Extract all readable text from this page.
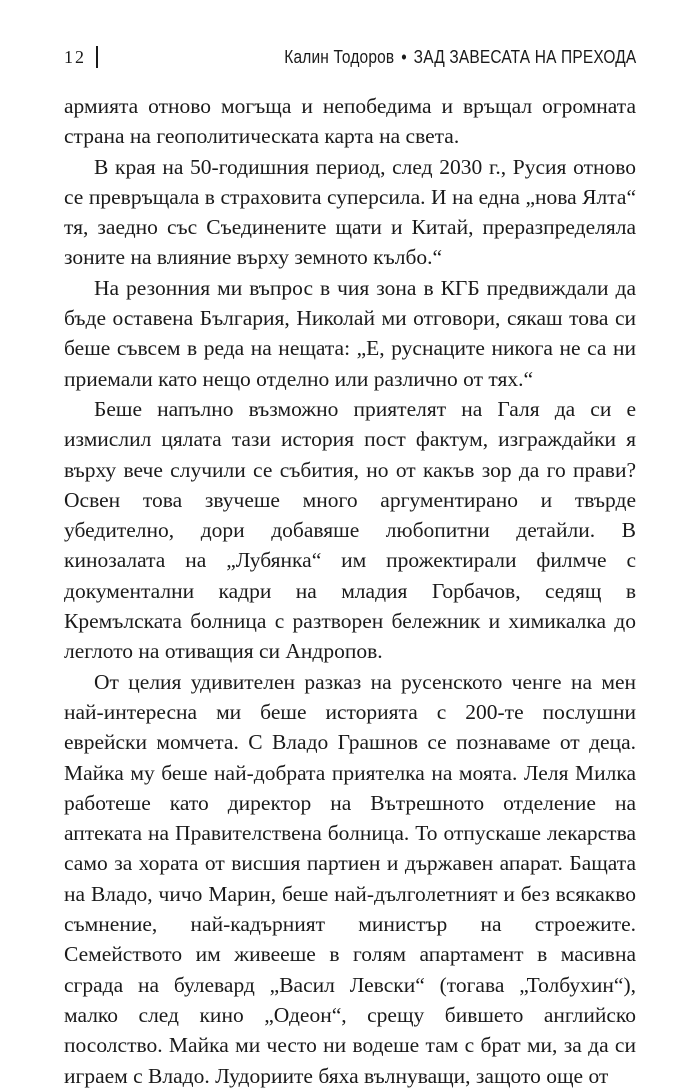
12	Калин Тодоров • ЗАД ЗАВЕСАТА НА ПРЕХОДА

армията отново могъща и непобедима и връщал огромната страна на геополитическата карта на света.

В края на 50-годишния период, след 2030 г., Русия отново се превръщала в страховита суперсила. И на една „нова Ялта“ тя, заедно със Съединените щати и Китай, преразпределяла зоните на влияние върху земното кълбо.“

На резонния ми въпрос в чия зона в КГБ предвиждали да бъде оставена България, Николай ми отговори, сякаш това си беше съвсем в реда на нещата: „Е, руснаците никога не са ни приемали като нещо отделно или различно от тях.“

Беше напълно възможно приятелят на Галя да си е измислил цялата тази история пост фактум, изграждайки я върху вече случили се събития, но от какъв зор да го прави? Освен това звучеше много аргументирано и твърде убедително, дори добавяше любопитни детайли. В кинозалата на „Лубянка“ им прожектирали филмче с документални кадри на младия Горбачов, седящ в Кремълската болница с разтворен бележник и химикалка до леглото на отиващия си Андропов.

От целия удивителен разказ на русенското ченге на мен най-интересна ми беше историята с 200-те послушни еврейски момчета. С Владо Грашнов се познаваме от деца. Майка му беше най-добрата приятелка на моята. Леля Милка работеше като директор на Вътрешното отделение на аптеката на Правителствена болница. То отпускаше лекарства само за хората от висшия партиен и държавен апарат. Бащата на Владо, чичо Марин, беше най-дълголетният и без всякакво съмнение, най-кадърният министър на строежите. Семейството им живееше в голям апартамент в масивна сграда на булевард „Васил Левски“ (тогава „Толбухин“), малко след кино „Одеон“, срещу бившето английско посолство. Майка ми често ни водеше там с брат ми, за да си играем с Владо. Лудориите бяха вълнуващи, защото още от
